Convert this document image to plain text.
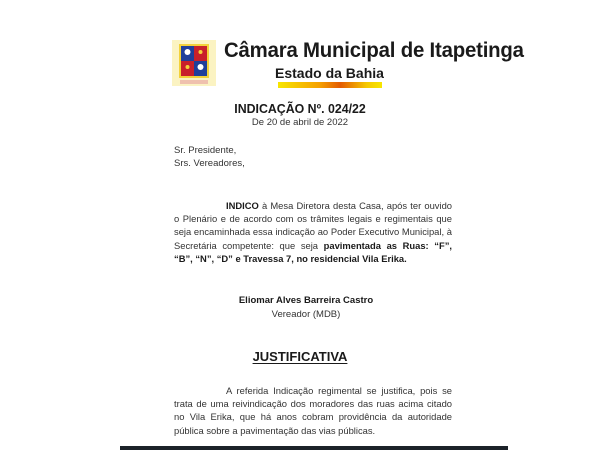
Câmara Municipal de Itapetinga
Estado da Bahia
INDICAÇÃO Nº. 024/22
De 20 de abril de 2022
Sr. Presidente,
Srs. Vereadores,
INDICO à Mesa Diretora desta Casa, após ter ouvido o Plenário e de acordo com os trâmites legais e regimentais que seja encaminhada essa indicação ao Poder Executivo Municipal, à Secretária competente: que seja pavimentada as Ruas: “F”, “B”, “N”, “D” e Travessa 7, no residencial Vila Erika.
Eliomar Alves Barreira Castro
Vereador (MDB)
JUSTIFICATIVA
A referida Indicação regimental se justifica, pois se trata de uma reivindicação dos moradores das ruas acima citado no Vila Erika, que há anos cobram providência da autoridade pública sobre a pavimentação das vias públicas.
